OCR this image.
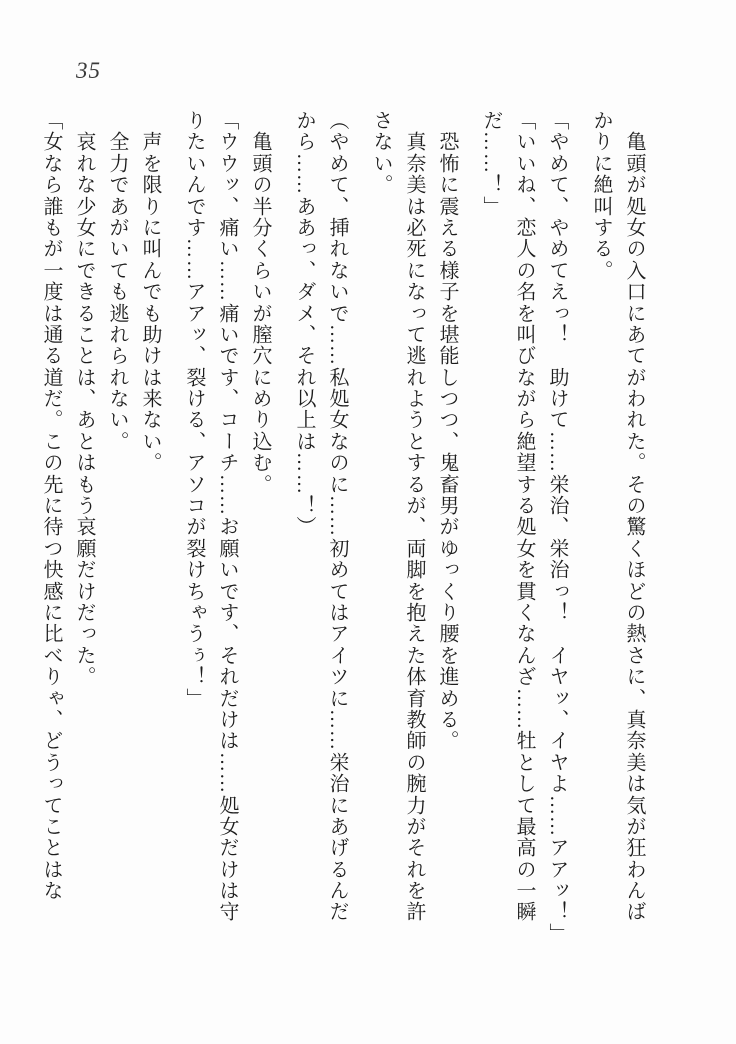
35

亀
頭
が
処
女
の
入
口
に
あ
て
が
わ
れ
た
。
そ
の
驚
く
ほ
ど
の
熱
さ
に
、
真
奈
美
は
気
が
狂
わ
ん
ば
か
り
に
絶
叫
す
る
。
「
や
め
て
、
や
め
て
え
っ
！

助
け
て
…
…
栄
治
、
栄
治
っ
！

イ
ヤ
ッ
、
イ
ヤ
よ
…
…
ア
ア
ッ
！
」
「
い
い
ね
、
恋
人
の
名
を
叫
び
な
が
ら
絶
望
す
る
処
女
を
貫
く
な
ん
ざ
…
…
牡
と
し
て
最
高
の
一
瞬
だ
…
…
！
」

恐
怖
に
震
え
る
様
子
を
堪
能
し
つ
つ
、
鬼
畜
男
が
ゆ
っ
く
り
腰
を
進
め
る
。

真
奈
美
は
必
死
に
な
っ
て
逃
れ
よ
う
と
す
る
が
、
両
脚
を
抱
え
た
体
育
教
師
の
腕
力
が
そ
れ
を
許
さ
な
い
。
（
や
め
て
、
挿
れ
な
い
で
…
…
私
処
女
な
の
に
…
…
初
め
て
は
ア
イ
ツ
に
…
…
栄
治
に
あ
げ
る
ん
だ
か
ら
…
…
あ
あ
っ
、
ダ
メ
、
そ
れ
以
上
は
…
…
！
）

亀
頭
の
半
分
く
ら
い
が
膣
穴
に
め
り
込
む
。
「
ウ
ウ
ッ
、
痛
い
…
…
痛
い
で
す
、
コ
ー
チ
…
…
お
願
い
で
す
、
そ
れ
だ
け
は
…
…
処
女
だ
け
は
守
り
た
い
ん
で
す
…
…
ア
ア
ッ
、
裂
け
る
、
ア
ソ
コ
が
裂
け
ち
ゃ
う
ぅ
！
」

声
を
限
り
に
叫
ん
で
も
助
け
は
来
な
い
。

全
力
で
あ
が
い
て
も
逃
れ
ら
れ
な
い
。

哀
れ
な
少
女
に
で
き
る
こ
と
は
、
あ
と
は
も
う
哀
願
だ
け
だ
っ
た
。
「
女
な
ら
誰
も
が
一
度
は
通
る
道
だ
。
こ
の
先
に
待
つ
快
感
に
比
べ
り
ゃ
、
ど
う
っ
て
こ
と
は
な
